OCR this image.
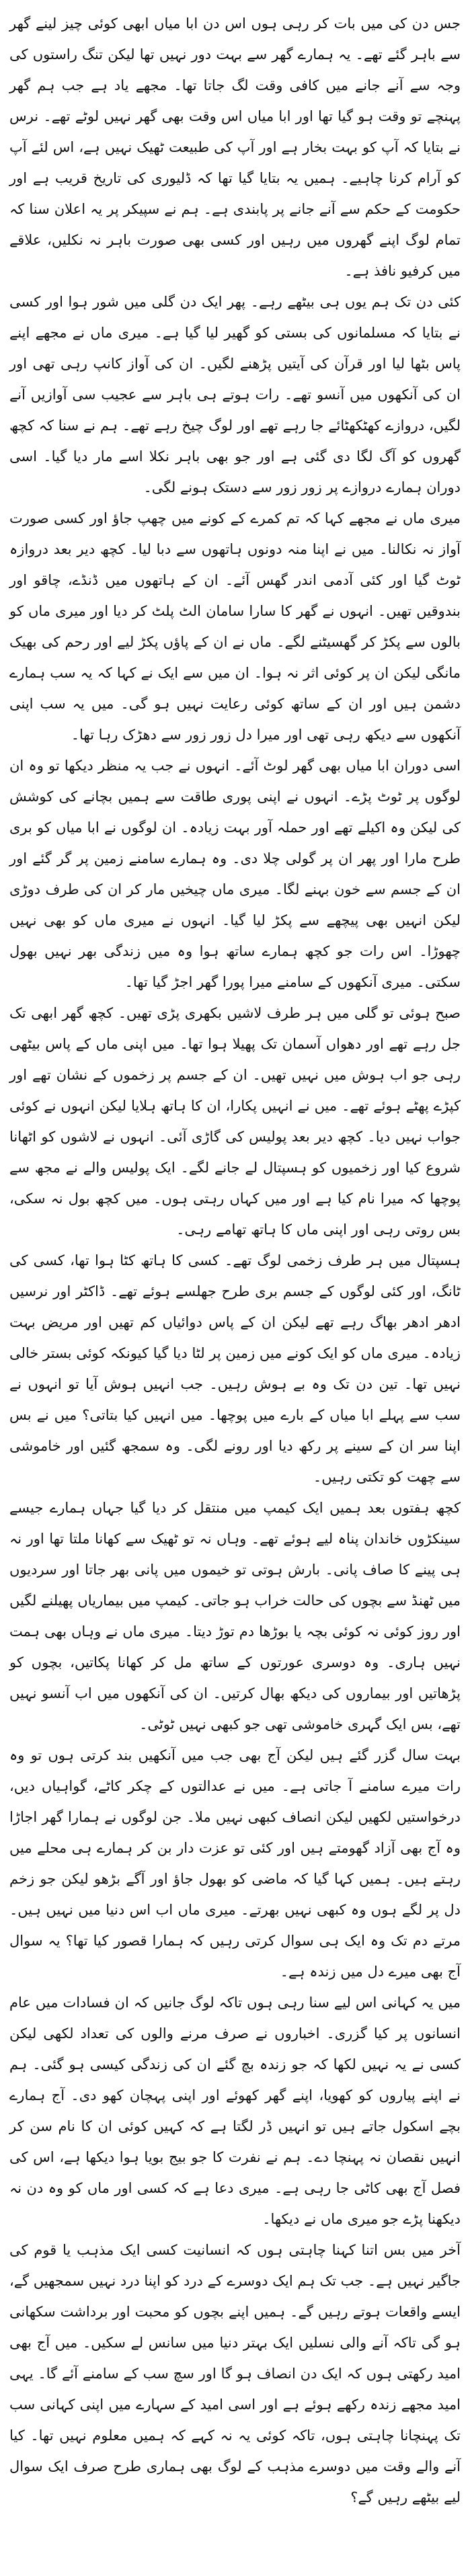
جس دن کی میں بات کر رہی ہوں اس دن ابا میاں ابھی کوئی چیز لینے گھر سے باہر گئے تھے۔ یہ ہمارے گھر سے بہت دور نہیں تھا لیکن تنگ راستوں کی وجہ سے آنے جانے میں کافی وقت لگ جاتا تھا۔ مجھے یاد ہے جب ہم گھر پہنچے تو وقت ہو گیا تھا اور ابا میاں اس وقت بھی گھر نہیں لوٹے تھے۔ نرس نے بتایا کہ آپ کو بہت بخار ہے اور آپ کی طبیعت ٹھیک نہیں ہے، اس لئے آپ کو آرام کرنا چاہیے۔ ہمیں یہ بتایا گیا تھا کہ ڈلیوری کی تاریخ قریب ہے اور حکومت کے حکم سے آنے جانے پر پابندی ہے۔ ہم نے سپیکر پر یہ اعلان سنا کہ تمام لوگ اپنے گھروں میں رہیں اور کسی بھی صورت باہر نہ نکلیں، علاقے میں کرفیو نافذ ہے۔

کئی دن تک ہم یوں ہی بیٹھے رہے۔ پھر ایک دن گلی میں شور ہوا اور کسی نے بتایا کہ مسلمانوں کی بستی کو گھیر لیا گیا ہے۔ میری ماں نے مجھے اپنے پاس بٹھا لیا اور قرآن کی آیتیں پڑھنے لگیں۔ ان کی آواز کانپ رہی تھی اور ان کی آنکھوں میں آنسو تھے۔ رات ہوتے ہی باہر سے عجیب سی آوازیں آنے لگیں، دروازے کھٹکھٹائے جا رہے تھے اور لوگ چیخ رہے تھے۔ ہم نے سنا کہ کچھ گھروں کو آگ لگا دی گئی ہے اور جو بھی باہر نکلا اسے مار دیا گیا۔ اسی دوران ہمارے دروازے پر زور زور سے دستک ہونے لگی۔

میری ماں نے مجھے کہا کہ تم کمرے کے کونے میں چھپ جاؤ اور کسی صورت آواز نہ نکالنا۔ میں نے اپنا منہ دونوں ہاتھوں سے دبا لیا۔ کچھ دیر بعد دروازہ ٹوٹ گیا اور کئی آدمی اندر گھس آئے۔ ان کے ہاتھوں میں ڈنڈے، چاقو اور بندوقیں تھیں۔ انہوں نے گھر کا سارا سامان الٹ پلٹ کر دیا اور میری ماں کو بالوں سے پکڑ کر گھسیٹنے لگے۔ ماں نے ان کے پاؤں پکڑ لیے اور رحم کی بھیک مانگی لیکن ان پر کوئی اثر نہ ہوا۔ ان میں سے ایک نے کہا کہ یہ سب ہمارے دشمن ہیں اور ان کے ساتھ کوئی رعایت نہیں ہو گی۔ میں یہ سب اپنی آنکھوں سے دیکھ رہی تھی اور میرا دل زور زور سے دھڑک رہا تھا۔

اسی دوران ابا میاں بھی گھر لوٹ آئے۔ انہوں نے جب یہ منظر دیکھا تو وہ ان لوگوں پر ٹوٹ پڑے۔ انہوں نے اپنی پوری طاقت سے ہمیں بچانے کی کوشش کی لیکن وہ اکیلے تھے اور حملہ آور بہت زیادہ۔ ان لوگوں نے ابا میاں کو بری طرح مارا اور پھر ان پر گولی چلا دی۔ وہ ہمارے سامنے زمین پر گر گئے اور ان کے جسم سے خون بہنے لگا۔ میری ماں چیخیں مار کر ان کی طرف دوڑی لیکن انہیں بھی پیچھے سے پکڑ لیا گیا۔ انہوں نے میری ماں کو بھی نہیں چھوڑا۔ اس رات جو کچھ ہمارے ساتھ ہوا وہ میں زندگی بھر نہیں بھول سکتی۔ میری آنکھوں کے سامنے میرا پورا گھر اجڑ گیا تھا۔

صبح ہوئی تو گلی میں ہر طرف لاشیں بکھری پڑی تھیں۔ کچھ گھر ابھی تک جل رہے تھے اور دھواں آسمان تک پھیلا ہوا تھا۔ میں اپنی ماں کے پاس بیٹھی رہی جو اب ہوش میں نہیں تھیں۔ ان کے جسم پر زخموں کے نشان تھے اور کپڑے پھٹے ہوئے تھے۔ میں نے انہیں پکارا، ان کا ہاتھ ہلایا لیکن انہوں نے کوئی جواب نہیں دیا۔ کچھ دیر بعد پولیس کی گاڑی آئی۔ انہوں نے لاشوں کو اٹھانا شروع کیا اور زخمیوں کو ہسپتال لے جانے لگے۔ ایک پولیس والے نے مجھ سے پوچھا کہ میرا نام کیا ہے اور میں کہاں رہتی ہوں۔ میں کچھ بول نہ سکی، بس روتی رہی اور اپنی ماں کا ہاتھ تھامے رہی۔

ہسپتال میں ہر طرف زخمی لوگ تھے۔ کسی کا ہاتھ کٹا ہوا تھا، کسی کی ٹانگ، اور کئی لوگوں کے جسم بری طرح جھلسے ہوئے تھے۔ ڈاکٹر اور نرسیں ادھر ادھر بھاگ رہے تھے لیکن ان کے پاس دوائیاں کم تھیں اور مریض بہت زیادہ۔ میری ماں کو ایک کونے میں زمین پر لٹا دیا گیا کیونکہ کوئی بستر خالی نہیں تھا۔ تین دن تک وہ بے ہوش رہیں۔ جب انہیں ہوش آیا تو انہوں نے سب سے پہلے ابا میاں کے بارے میں پوچھا۔ میں انہیں کیا بتاتی؟ میں نے بس اپنا سر ان کے سینے پر رکھ دیا اور رونے لگی۔ وہ سمجھ گئیں اور خاموشی سے چھت کو تکتی رہیں۔

کچھ ہفتوں بعد ہمیں ایک کیمپ میں منتقل کر دیا گیا جہاں ہمارے جیسے سینکڑوں خاندان پناہ لیے ہوئے تھے۔ وہاں نہ تو ٹھیک سے کھانا ملتا تھا اور نہ ہی پینے کا صاف پانی۔ بارش ہوتی تو خیموں میں پانی بھر جاتا اور سردیوں میں ٹھنڈ سے بچوں کی حالت خراب ہو جاتی۔ کیمپ میں بیماریاں پھیلنے لگیں اور روز کوئی نہ کوئی بچہ یا بوڑھا دم توڑ دیتا۔ میری ماں نے وہاں بھی ہمت نہیں ہاری۔ وہ دوسری عورتوں کے ساتھ مل کر کھانا پکاتیں، بچوں کو پڑھاتیں اور بیماروں کی دیکھ بھال کرتیں۔ ان کی آنکھوں میں اب آنسو نہیں تھے، بس ایک گہری خاموشی تھی جو کبھی نہیں ٹوٹی۔

بہت سال گزر گئے ہیں لیکن آج بھی جب میں آنکھیں بند کرتی ہوں تو وہ رات میرے سامنے آ جاتی ہے۔ میں نے عدالتوں کے چکر کاٹے، گواہیاں دیں، درخواستیں لکھیں لیکن انصاف کبھی نہیں ملا۔ جن لوگوں نے ہمارا گھر اجاڑا وہ آج بھی آزاد گھومتے ہیں اور کئی تو عزت دار بن کر ہمارے ہی محلے میں رہتے ہیں۔ ہمیں کہا گیا کہ ماضی کو بھول جاؤ اور آگے بڑھو لیکن جو زخم دل پر لگے ہوں وہ کبھی نہیں بھرتے۔ میری ماں اب اس دنیا میں نہیں ہیں۔ مرتے دم تک وہ ایک ہی سوال کرتی رہیں کہ ہمارا قصور کیا تھا؟ یہ سوال آج بھی میرے دل میں زندہ ہے۔

میں یہ کہانی اس لیے سنا رہی ہوں تاکہ لوگ جانیں کہ ان فسادات میں عام انسانوں پر کیا گزری۔ اخباروں نے صرف مرنے والوں کی تعداد لکھی لیکن کسی نے یہ نہیں لکھا کہ جو زندہ بچ گئے ان کی زندگی کیسی ہو گئی۔ ہم نے اپنے پیاروں کو کھویا، اپنے گھر کھوئے اور اپنی پہچان کھو دی۔ آج ہمارے بچے اسکول جاتے ہیں تو انہیں ڈر لگتا ہے کہ کہیں کوئی ان کا نام سن کر انہیں نقصان نہ پہنچا دے۔ ہم نے نفرت کا جو بیج بویا ہوا دیکھا ہے، اس کی فصل آج بھی کاٹی جا رہی ہے۔ میری دعا ہے کہ کسی اور ماں کو وہ دن نہ دیکھنا پڑے جو میری ماں نے دیکھا۔

آخر میں بس اتنا کہنا چاہتی ہوں کہ انسانیت کسی ایک مذہب یا قوم کی جاگیر نہیں ہے۔ جب تک ہم ایک دوسرے کے درد کو اپنا درد نہیں سمجھیں گے، ایسے واقعات ہوتے رہیں گے۔ ہمیں اپنے بچوں کو محبت اور برداشت سکھانی ہو گی تاکہ آنے والی نسلیں ایک بہتر دنیا میں سانس لے سکیں۔ میں آج بھی امید رکھتی ہوں کہ ایک دن انصاف ہو گا اور سچ سب کے سامنے آئے گا۔ یہی امید مجھے زندہ رکھے ہوئے ہے اور اسی امید کے سہارے میں اپنی کہانی سب تک پہنچانا چاہتی ہوں، تاکہ کوئی یہ نہ کہے کہ ہمیں معلوم نہیں تھا۔ کیا آنے والے وقت میں دوسرے مذہب کے لوگ بھی ہماری طرح صرف ایک سوال لیے بیٹھے رہیں گے؟
